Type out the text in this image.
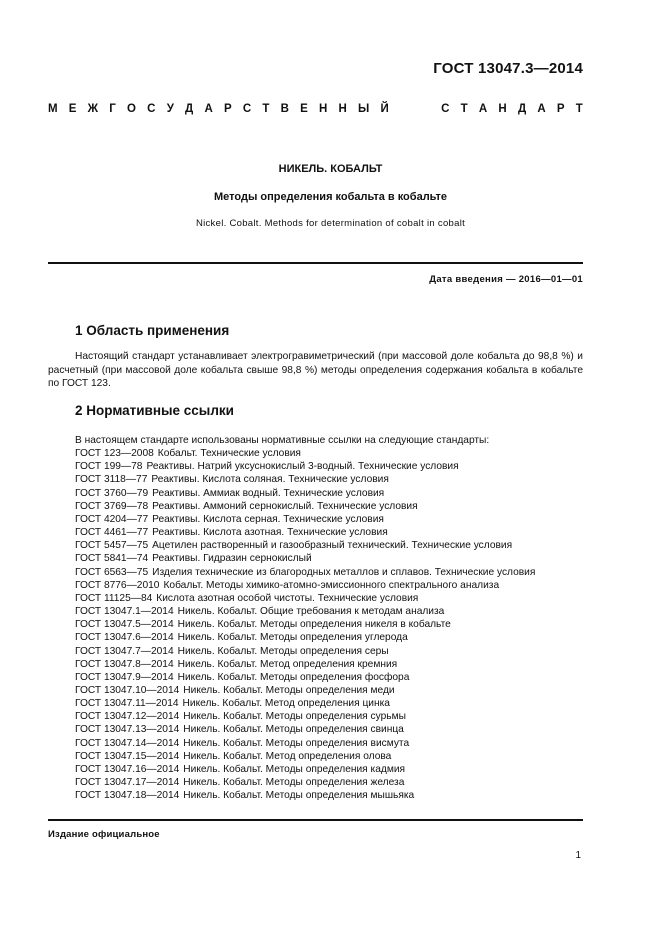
ГОСТ 13047.3—2014
М Е Ж Г О С У Д А Р С Т В Е Н Н Ы Й	С Т А Н Д А Р Т
НИКЕЛЬ. КОБАЛЬТ
Методы определения кобальта в кобальте
Nickel. Cobalt. Methods for determination of cobalt in cobalt
Дата введения — 2016—01—01
1 Область применения

Настоящий стандарт устанавливает электрогравиметрический (при массовой доле кобальта до 98,8 %) и расчетный (при массовой доле кобальта свыше 98,8 %) методы определения содержания кобальта в кобальте по ГОСТ 123.

2 Нормативные ссылки
В настоящем стандарте использованы нормативные ссылки на следующие стандарты:
ГОСТ 123—2008 Кобальт. Технические условия
ГОСТ 199—78 Реактивы. Натрий уксуснокислый 3-водный. Технические условия
ГОСТ 3118—77 Реактивы. Кислота соляная. Технические условия
ГОСТ 3760—79 Реактивы. Аммиак водный. Технические условия
ГОСТ 3769—78 Реактивы. Аммоний сернокислый. Технические условия
ГОСТ 4204—77 Реактивы. Кислота серная. Технические условия
ГОСТ 4461—77 Реактивы. Кислота азотная. Технические условия
ГОСТ 5457—75 Ацетилен растворенный и газообразный технический. Технические условия
ГОСТ 5841—74 Реактивы. Гидразин сернокислый
ГОСТ 6563—75 Изделия технические из благородных металлов и сплавов. Технические условия
ГОСТ 8776—2010 Кобальт. Методы химико-атомно-эмиссионного спектрального анализа
ГОСТ 11125—84 Кислота азотная особой чистоты. Технические условия
ГОСТ 13047.1—2014 Никель. Кобальт. Общие требования к методам анализа
ГОСТ 13047.5—2014 Никель. Кобальт. Методы определения никеля в кобальте
ГОСТ 13047.6—2014 Никель. Кобальт. Методы определения углерода
ГОСТ 13047.7—2014 Никель. Кобальт. Методы определения серы
ГОСТ 13047.8—2014 Никель. Кобальт. Метод определения кремния
ГОСТ 13047.9—2014 Никель. Кобальт. Методы определения фосфора
ГОСТ 13047.10—2014 Никель. Кобальт. Методы определения меди
ГОСТ 13047.11—2014 Никель. Кобальт. Метод определения цинка
ГОСТ 13047.12—2014 Никель. Кобальт. Методы определения сурьмы
ГОСТ 13047.13—2014 Никель. Кобальт. Методы определения свинца
ГОСТ 13047.14—2014 Никель. Кобальт. Методы определения висмута
ГОСТ 13047.15—2014 Никель. Кобальт. Метод определения олова
ГОСТ 13047.16—2014 Никель. Кобальт. Методы определения кадмия
ГОСТ 13047.17—2014 Никель. Кобальт. Методы определения железа
ГОСТ 13047.18—2014 Никель. Кобальт. Методы определения мышьяка
Издание официальное
1
